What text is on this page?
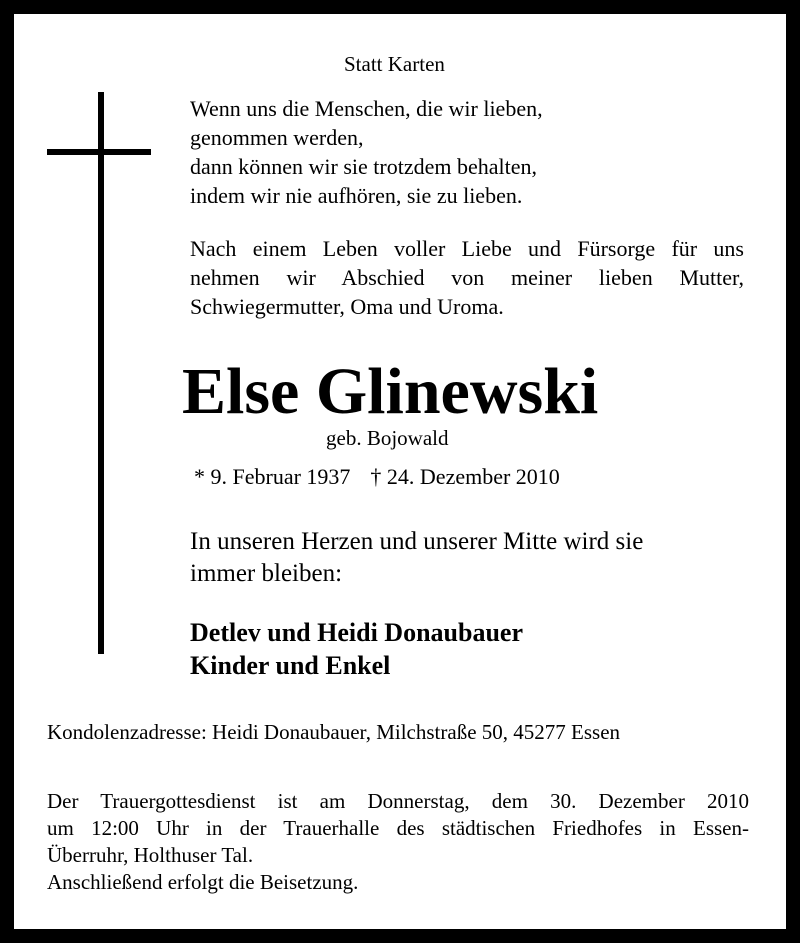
Statt Karten

Wenn uns die Menschen, die wir lieben,
genommen werden,
dann können wir sie trotzdem behalten,
indem wir nie aufhören, sie zu lieben.
Nach einem Leben voller Liebe und Fürsorge für uns
nehmen wir Abschied von meiner lieben Mutter,
Schwiegermutter, Oma und Uroma.
Else Glinewski
geb. Bojowald
* 9. Februar 1937 † 24. Dezember 2010
In unseren Herzen und unserer Mitte wird sie
immer bleiben:
Detlev und Heidi Donaubauer
Kinder und Enkel
Kondolenzadresse: Heidi Donaubauer, Milchstraße 50, 45277 Essen
Der Trauergottesdienst ist am Donnerstag, dem 30. Dezember 2010
um 12:00 Uhr in der Trauerhalle des städtischen Friedhofes in Essen-
Überruhr, Holthuser Tal.
Anschließend erfolgt die Beisetzung.
